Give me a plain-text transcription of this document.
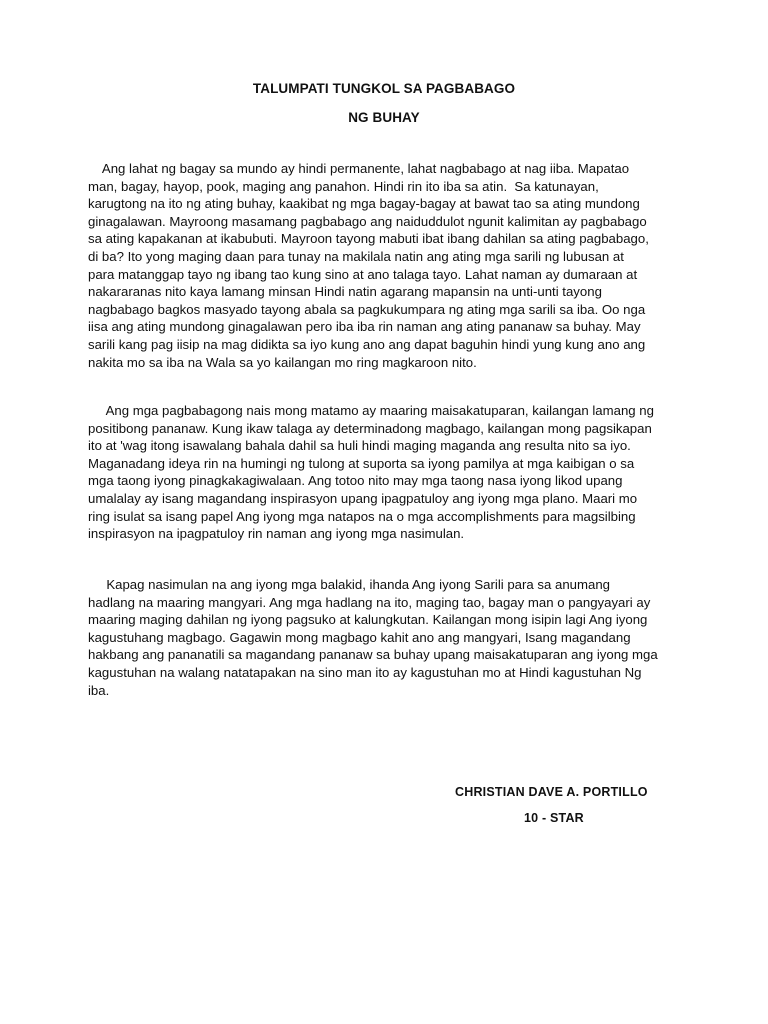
TALUMPATI TUNGKOL SA PAGBABAGO
NG BUHAY
Ang lahat ng bagay sa mundo ay hindi permanente, lahat nagbabago at nag iiba. Mapatao
man, bagay, hayop, pook, maging ang panahon. Hindi rin ito iba sa atin.  Sa katunayan,
karugtong na ito ng ating buhay, kaakibat ng mga bagay-bagay at bawat tao sa ating mundong
ginagalawan. Mayroong masamang pagbabago ang naiduddulot ngunit kalimitan ay pagbabago
sa ating kapakanan at ikabubuti. Mayroon tayong mabuti ibat ibang dahilan sa ating pagbabago,
di ba? Ito yong maging daan para tunay na makilala natin ang ating mga sarili ng lubusan at
para matanggap tayo ng ibang tao kung sino at ano talaga tayo. Lahat naman ay dumaraan at
nakararanas nito kaya lamang minsan Hindi natin agarang mapansin na unti-unti tayong
nagbabago bagkos masyado tayong abala sa pagkukumpara ng ating mga sarili sa iba. Oo nga
iisa ang ating mundong ginagalawan pero iba iba rin naman ang ating pananaw sa buhay. May
sarili kang pag iisip na mag didikta sa iyo kung ano ang dapat baguhin hindi yung kung ano ang
nakita mo sa iba na Wala sa yo kailangan mo ring magkaroon nito.
Ang mga pagbabagong nais mong matamo ay maaring maisakatuparan, kailangan lamang ng
positibong pananaw. Kung ikaw talaga ay determinadong magbago, kailangan mong pagsikapan
ito at 'wag itong isawalang bahala dahil sa huli hindi maging maganda ang resulta nito sa iyo.
Maganadang ideya rin na humingi ng tulong at suporta sa iyong pamilya at mga kaibigan o sa
mga taong iyong pinagkakagiwalaan. Ang totoo nito may mga taong nasa iyong likod upang
umalalay ay isang magandang inspirasyon upang ipagpatuloy ang iyong mga plano. Maari mo
ring isulat sa isang papel Ang iyong mga natapos na o mga accomplishments para magsilbing
inspirasyon na ipagpatuloy rin naman ang iyong mga nasimulan.
Kapag nasimulan na ang iyong mga balakid, ihanda Ang iyong Sarili para sa anumang
hadlang na maaring mangyari. Ang mga hadlang na ito, maging tao, bagay man o pangyayari ay
maaring maging dahilan ng iyong pagsuko at kalungkutan. Kailangan mong isipin lagi Ang iyong
kagustuhang magbago. Gagawin mong magbago kahit ano ang mangyari, Isang magandang
hakbang ang pananatili sa magandang pananaw sa buhay upang maisakatuparan ang iyong mga
kagustuhan na walang natatapakan na sino man ito ay kagustuhan mo at Hindi kagustuhan Ng
iba.
CHRISTIAN DAVE A. PORTILLO
10 - STAR
